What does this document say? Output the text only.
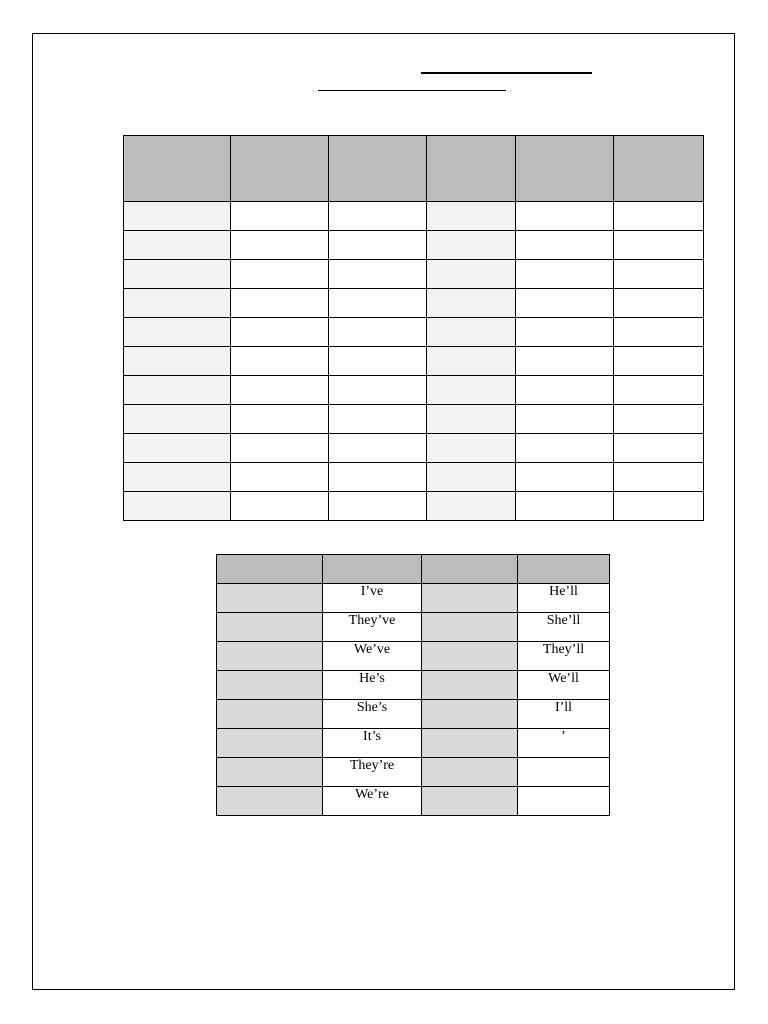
	I’ve		He’ll
	They’ve		She’ll
	We’ve		They’ll
	He’s		We’ll
	She’s		I’ll
	It’s		’
	They’re		
	We’re		
